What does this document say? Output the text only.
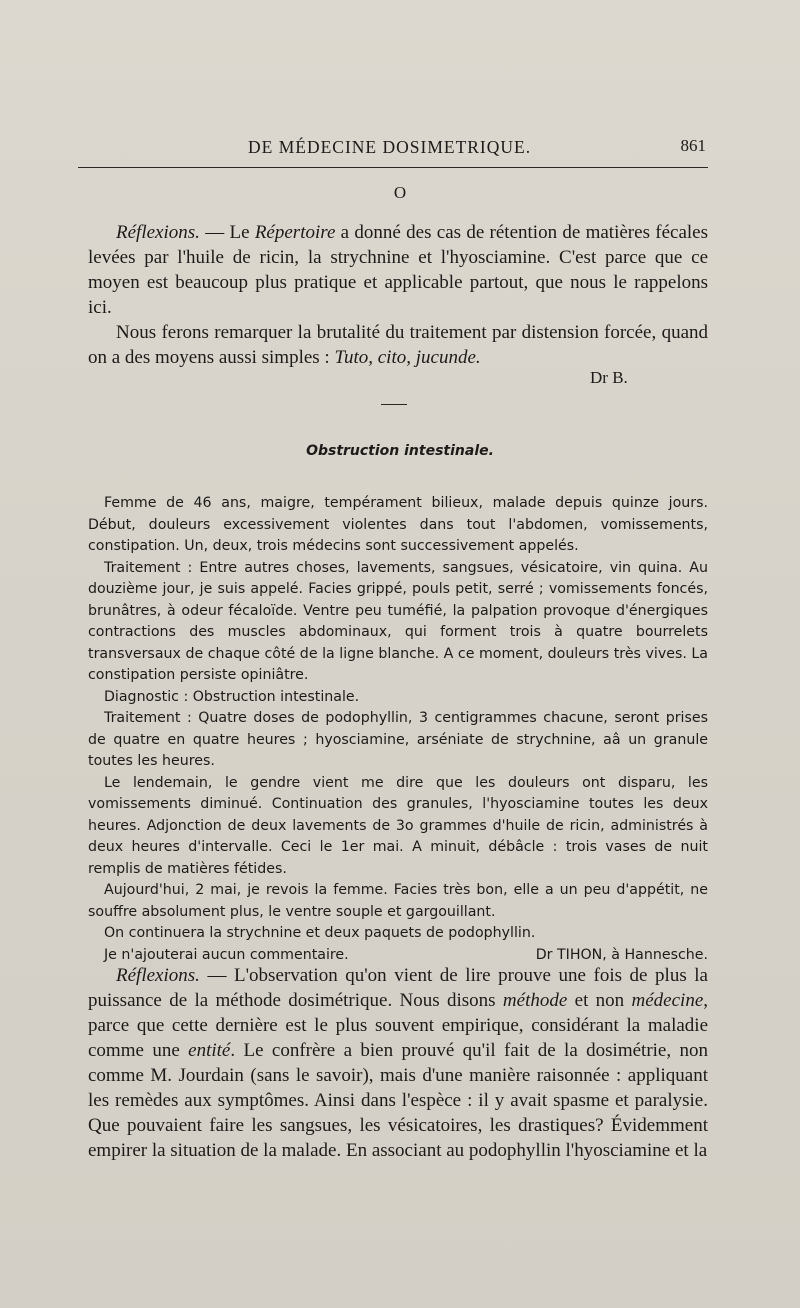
DE MÉDECINE DOSIMETRIQUE.	861
O

Réflexions. — Le Répertoire a donné des cas de rétention de matières fécales levées par l'huile de ricin, la strychnine et l'hyosciamine. C'est parce que ce moyen est beaucoup plus pratique et applicable partout, que nous le rappelons ici.

Nous ferons remarquer la brutalité du traitement par distension forcée, quand on a des moyens aussi simples : Tuto, cito, jucunde.

Dr B.
Obstruction intestinale.

Femme de 46 ans, maigre, tempérament bilieux, malade depuis quinze jours. Début, douleurs excessivement violentes dans tout l'abdomen, vomissements, constipation. Un, deux, trois médecins sont successivement appelés.

Traitement : Entre autres choses, lavements, sangsues, vésicatoire, vin quina. Au douzième jour, je suis appelé. Facies grippé, pouls petit, serré ; vomissements foncés, brunâtres, à odeur fécaloïde. Ventre peu tuméfié, la palpation provoque d'énergiques contractions des muscles abdominaux, qui forment trois à quatre bourrelets transversaux de chaque côté de la ligne blanche. A ce moment, douleurs très vives. La constipation persiste opiniâtre.

Diagnostic : Obstruction intestinale.

Traitement : Quatre doses de podophyllin, 3 centigrammes chacune, seront prises de quatre en quatre heures ; hyosciamine, arséniate de strychnine, aâ un granule toutes les heures.

Le lendemain, le gendre vient me dire que les douleurs ont disparu, les vomissements diminué. Continuation des granules, l'hyosciamine toutes les deux heures. Adjonction de deux lavements de 3o grammes d'huile de ricin, administrés à deux heures d'intervalle. Ceci le 1er mai. A minuit, débâcle : trois vases de nuit remplis de matières fétides.

Aujourd'hui, 2 mai, je revois la femme. Facies très bon, elle a un peu d'appétit, ne souffre absolument plus, le ventre souple et gargouillant.

On continuera la strychnine et deux paquets de podophyllin.

Je n'ajouterai aucun commentaire.	Dr TIHON, à Hannesche.

Réflexions. — L'observation qu'on vient de lire prouve une fois de plus la puissance de la méthode dosimétrique. Nous disons méthode et non médecine, parce que cette dernière est le plus souvent empirique, considérant la maladie comme une entité. Le confrère a bien prouvé qu'il fait de la dosimétrie, non comme M. Jourdain (sans le savoir), mais d'une manière raisonnée : appliquant les remèdes aux symptômes. Ainsi dans l'espèce : il y avait spasme et paralysie. Que pouvaient faire les sangsues, les vésicatoires, les drastiques? Évidemment empirer la situation de la malade. En associant au podophyllin l'hyosciamine et la
